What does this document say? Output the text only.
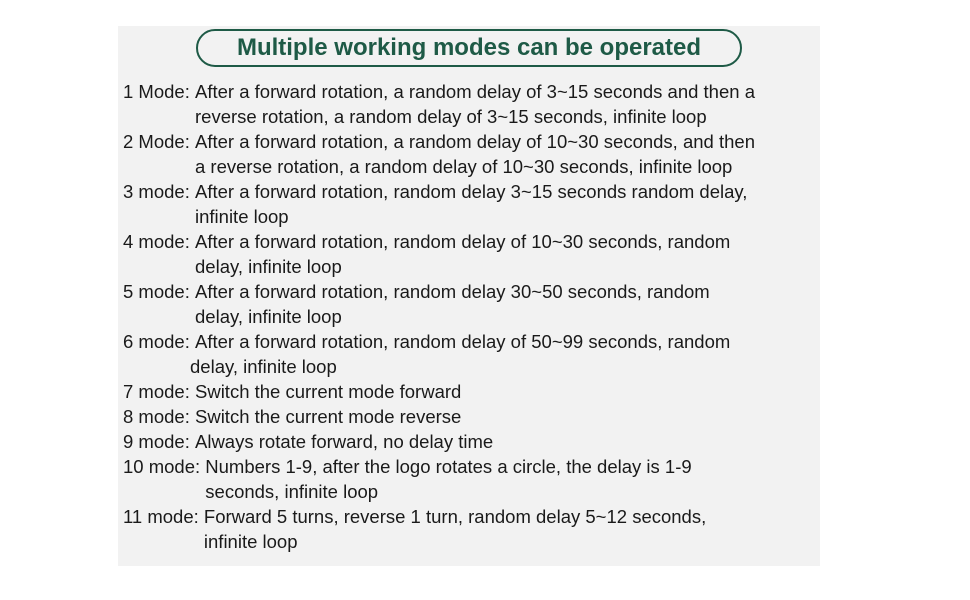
Multiple working modes can be operated
1 Mode: After a forward rotation, a random delay of 3~15 seconds and then a
reverse rotation, a random delay of 3~15 seconds, infinite loop
2 Mode: After a forward rotation, a random delay of 10~30 seconds, and then
a reverse rotation, a random delay of 10~30 seconds, infinite loop
3 mode: After a forward rotation, random delay 3~15 seconds random delay,
infinite loop
4 mode: After a forward rotation, random delay of 10~30 seconds, random
delay, infinite loop
5 mode: After a forward rotation, random delay 30~50 seconds, random
delay, infinite loop
6 mode: After a forward rotation, random delay of 50~99 seconds, random
delay, infinite loop
7 mode: Switch the current mode forward
8 mode: Switch the current mode reverse
9 mode: Always rotate forward, no delay time
10 mode: Numbers 1-9, after the logo rotates a circle, the delay is 1-9
seconds, infinite loop
11 mode: Forward 5 turns, reverse 1 turn, random delay 5~12 seconds,
infinite loop
